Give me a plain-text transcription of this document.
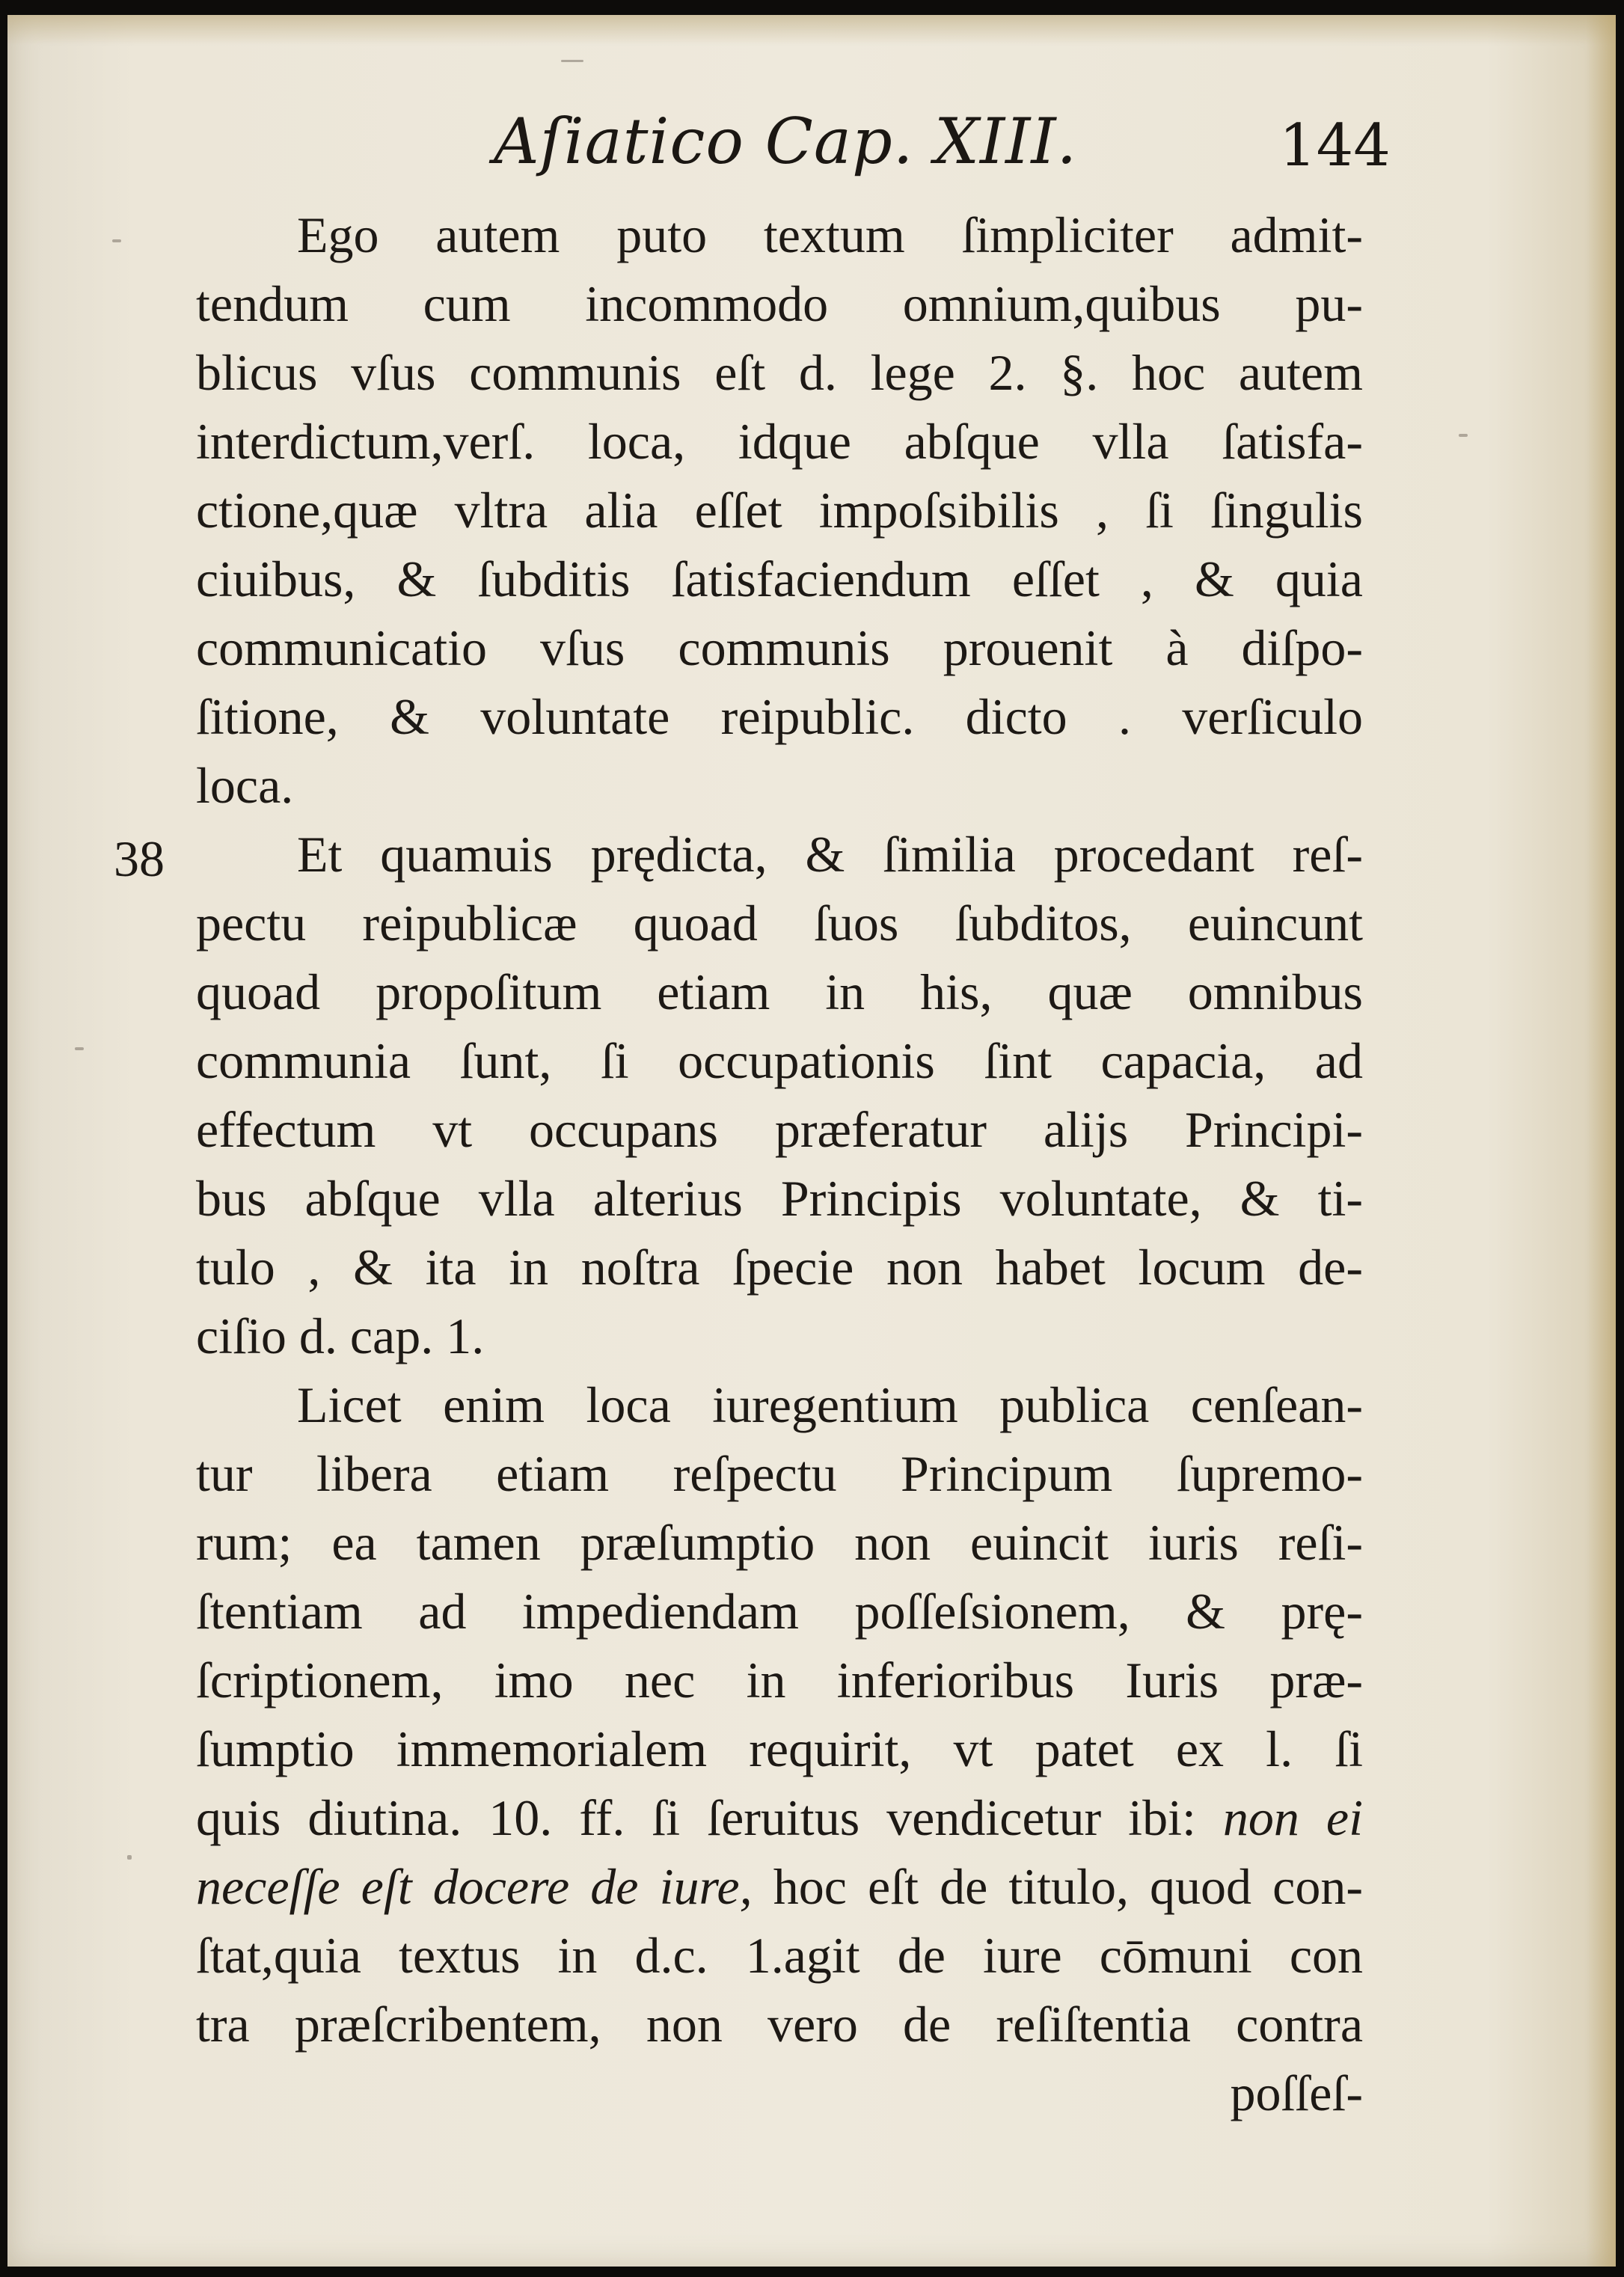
Aſiatico Cap. XIII.	144
38
Ego autem puto textum ſimpliciter admit-
tendum cum incommodo omnium,quibus pu-
blicus vſus communis eſt d. lege 2. §. hoc autem
interdictum,verſ. loca, idque abſque vlla ſatisfa-
ctione,quæ vltra alia eſſet impoſsibilis , ſi ſingulis
ciuibus, & ſubditis ſatisfaciendum eſſet , & quia
communicatio vſus communis prouenit à diſpo-
ſitione, & voluntate reipublic. dicto . verſiculo
loca.
Et quamuis prędicta, & ſimilia procedant reſ-
pectu reipublicæ quoad ſuos ſubditos, euincunt
quoad propoſitum etiam in his, quæ omnibus
communia ſunt, ſi occupationis ſint capacia, ad
effectum vt occupans præferatur alijs Principi-
bus abſque vlla alterius Principis voluntate, & ti-
tulo , & ita in noſtra ſpecie non habet locum de-
ciſio d. cap. 1.
Licet enim loca iuregentium publica cenſean-
tur libera etiam reſpectu Principum ſupremo-
rum; ea tamen præſumptio non euincit iuris reſi-
ſtentiam ad impediendam poſſeſsionem, & prę-
ſcriptionem, imo nec in inferioribus Iuris præ-
ſumptio immemorialem requirit, vt patet ex l. ſi
quis diutina. 10. ff. ſi ſeruitus vendicetur ibi: non ei
neceſſe eſt docere de iure, hoc eſt de titulo, quod con-
ſtat,quia textus in d.c. 1.agit de iure cōmuni con
tra præſcribentem, non vero de reſiſtentia contra
poſſeſ-
